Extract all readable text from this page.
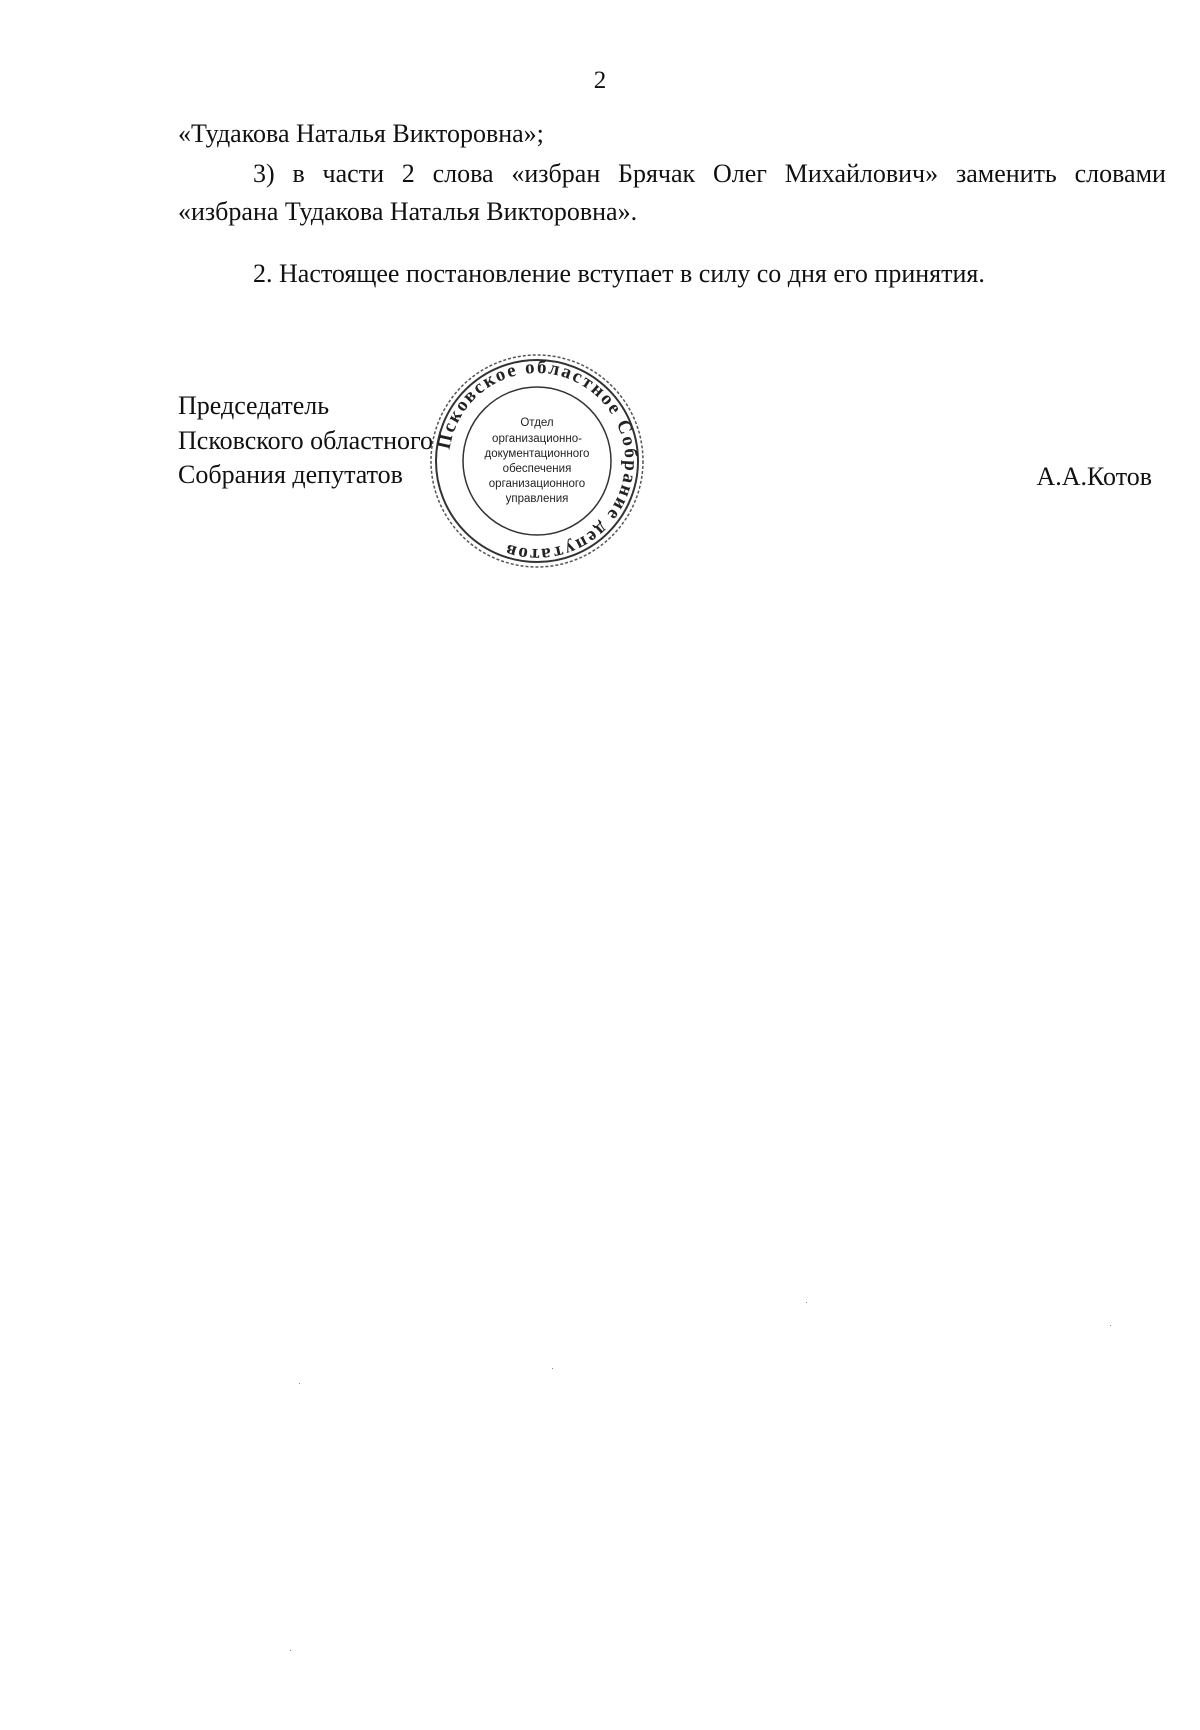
2
«Тудакова Наталья Викторовна»;
3) в части 2 слова «избран Брячак Олег Михайлович» заменить словами
«избрана Тудакова Наталья Викторовна».
2. Настоящее постановление вступает в силу со дня его принятия.
Председатель
Псковского областного
Собрания депутатов	А.А.Котов
Псковское областное Собрание депутатов
Отдел
организационно-
документационного
обеспечения
организационного
управления
